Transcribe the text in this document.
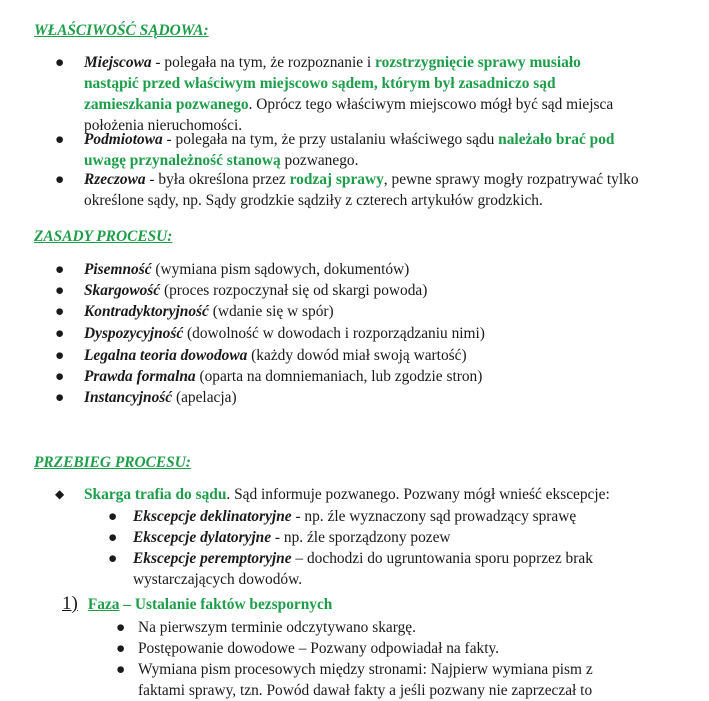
WŁAŚCIWOŚĆ SĄDOWA:
●	Miejscowa - polegała na tym, że rozpoznanie i rozstrzygnięcie sprawy musiało nastąpić przed właściwym miejscowo sądem, którym był zasadniczo sąd zamieszkania pozwanego. Oprócz tego właściwym miejscowo mógł być sąd miejsca położenia nieruchomości.
●	Podmiotowa - polegała na tym, że przy ustalaniu właściwego sądu należało brać pod uwagę przynależność stanową pozwanego.
●	Rzeczowa - była określona przez rodzaj sprawy, pewne sprawy mogły rozpatrywać tylko określone sądy, np. Sądy grodzkie sądziły z czterech artykułów grodzkich.
ZASADY PROCESU:
●	Pisemność (wymiana pism sądowych, dokumentów)
●	Skargowość (proces rozpoczynał się od skargi powoda)
●	Kontradyktoryjność (wdanie się w spór)
●	Dyspozycyjność (dowolność w dowodach i rozporządzaniu nimi)
●	Legalna teoria dowodowa (każdy dowód miał swoją wartość)
●	Prawda formalna (oparta na domniemaniach, lub zgodzie stron)
●	Instancyjność (apelacja)
PRZEBIEG PROCESU:
◆	Skarga trafia do sądu. Sąd informuje pozwanego. Pozwany mógł wnieść ekscepcje:
● Ekscepcje deklinatoryjne - np. źle wyznaczony sąd prowadzący sprawę
● Ekscepcje dylatoryjne - np. źle sporządzony pozew
● Ekscepcje peremptoryjne – dochodzi do ugruntowania sporu poprzez brak wystarczających dowodów.
1) Faza – Ustalanie faktów bezspornych
● Na pierwszym terminie odczytywano skargę.
● Postępowanie dowodowe – Pozwany odpowiadał na fakty.
● Wymiana pism procesowych między stronami: Najpierw wymiana pism z faktami sprawy, tzn. Powód dawał fakty a jeśli pozwany nie zaprzeczał to
